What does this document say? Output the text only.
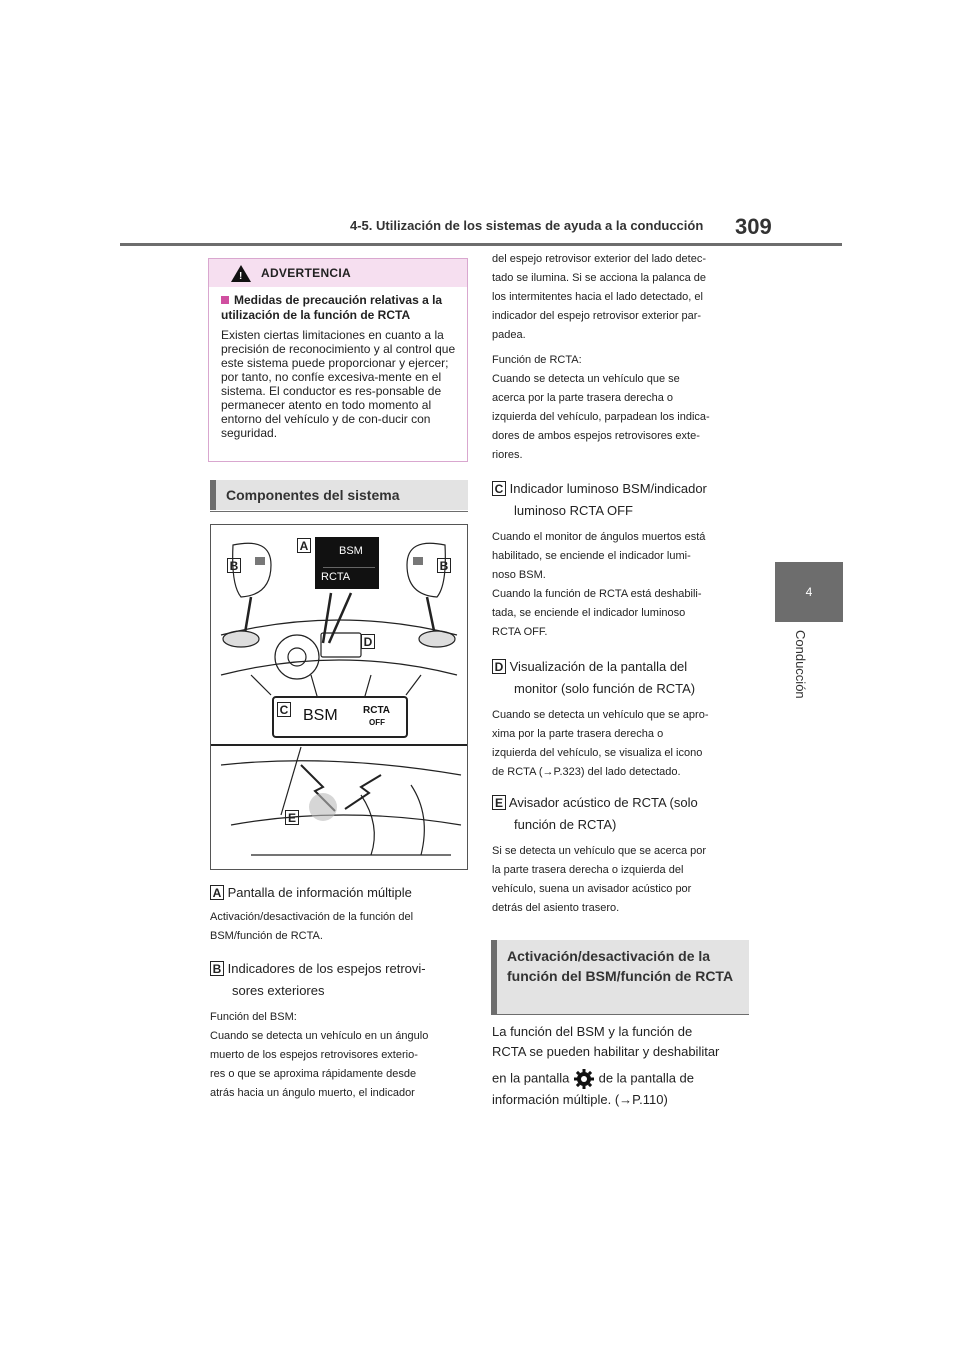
4-5. Utilización de los sistemas de ayuda a la conducción 309
4
Conducción
! ADVERTENCIA
Medidas de precaución relativas a la utilización de la función de RCTA
Existen ciertas limitaciones en cuanto a la precisión de reconocimiento y al control que este sistema puede proporcionar y ejercer; por tanto, no confíe excesiva-mente en el sistema. El conductor es res-ponsable de permanecer atento en todo momento al entorno del vehículo y de con-ducir con seguridad.
Componentes del sistema
A
B	B
C
D
E
BSM
RCTA
BSM	RCTA
OFF
A Pantalla de información múltiple
Activación/desactivación de la función del
BSM/función de RCTA.
B Indicadores de los espejos retrovi-
sores exteriores
Función del BSM:
Cuando se detecta un vehículo en un ángulo
muerto de los espejos retrovisores exterio-
res o que se aproxima rápidamente desde
atrás hacia un ángulo muerto, el indicador
del espejo retrovisor exterior del lado detec-
tado se ilumina. Si se acciona la palanca de
los intermitentes hacia el lado detectado, el
indicador del espejo retrovisor exterior par-
padea.
Función de RCTA:
Cuando se detecta un vehículo que se
acerca por la parte trasera derecha o
izquierda del vehículo, parpadean los indica-
dores de ambos espejos retrovisores exte-
riores.
C Indicador luminoso BSM/indicador
luminoso RCTA OFF
Cuando el monitor de ángulos muertos está
habilitado, se enciende el indicador lumi-
noso BSM.
Cuando la función de RCTA está deshabili-
tada, se enciende el indicador luminoso
RCTA OFF.
D Visualización de la pantalla del
monitor (solo función de RCTA)
Cuando se detecta un vehículo que se apro-
xima por la parte trasera derecha o
izquierda del vehículo, se visualiza el icono
de RCTA (→P.323) del lado detectado.
E Avisador acústico de RCTA (solo
función de RCTA)
Si se detecta un vehículo que se acerca por
la parte trasera derecha o izquierda del
vehículo, suena un avisador acústico por
detrás del asiento trasero.
Activación/desactivación de la función del BSM/función de RCTA
La función del BSM y la función de
RCTA se pueden habilitar y deshabilitar
en la pantalla de la pantalla de
información múltiple. (→P.110)
